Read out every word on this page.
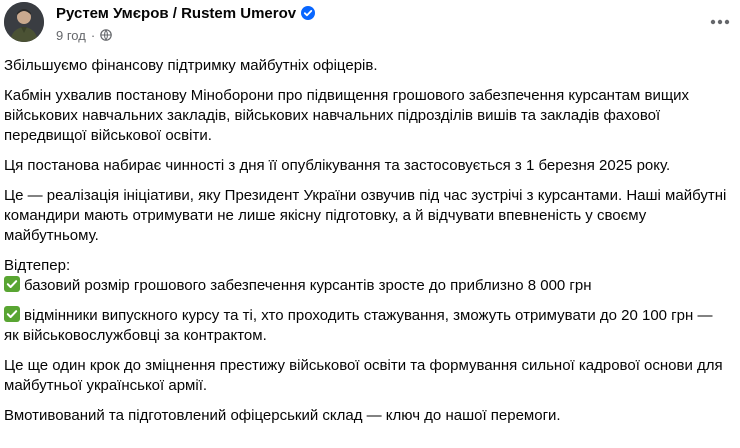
Рустем Умєров / Rustem Umerov
9 год ·

Збільшуємо фінансову підтримку майбутніх офіцерів.

Кабмін ухвалив постанову Міноборони про підвищення грошового забезпечення курсантам вищих військових навчальних закладів, військових навчальних підрозділів вишів та закладів фахової передвищої військової освіти.

Ця постанова набирає чинності з дня її опублікування та застосовується з 1 березня 2025 року.

Це — реалізація ініціативи, яку Президент України озвучив під час зустрічі з курсантами. Наші майбутні командири мають отримувати не лише якісну підготовку, а й відчувати впевненість у своєму майбутньому.

Відтепер:

базовий розмір грошового забезпечення курсантів зросте до приблизно 8 000 грн

відмінники випускного курсу та ті, хто проходить стажування, зможуть отримувати до 20 100 грн — як військовослужбовці за контрактом.

Це ще один крок до зміцнення престижу військової освіти та формування сильної кадрової основи для майбутньої української армії.

Вмотивований та підготовлений офіцерський склад — ключ до нашої перемоги.
